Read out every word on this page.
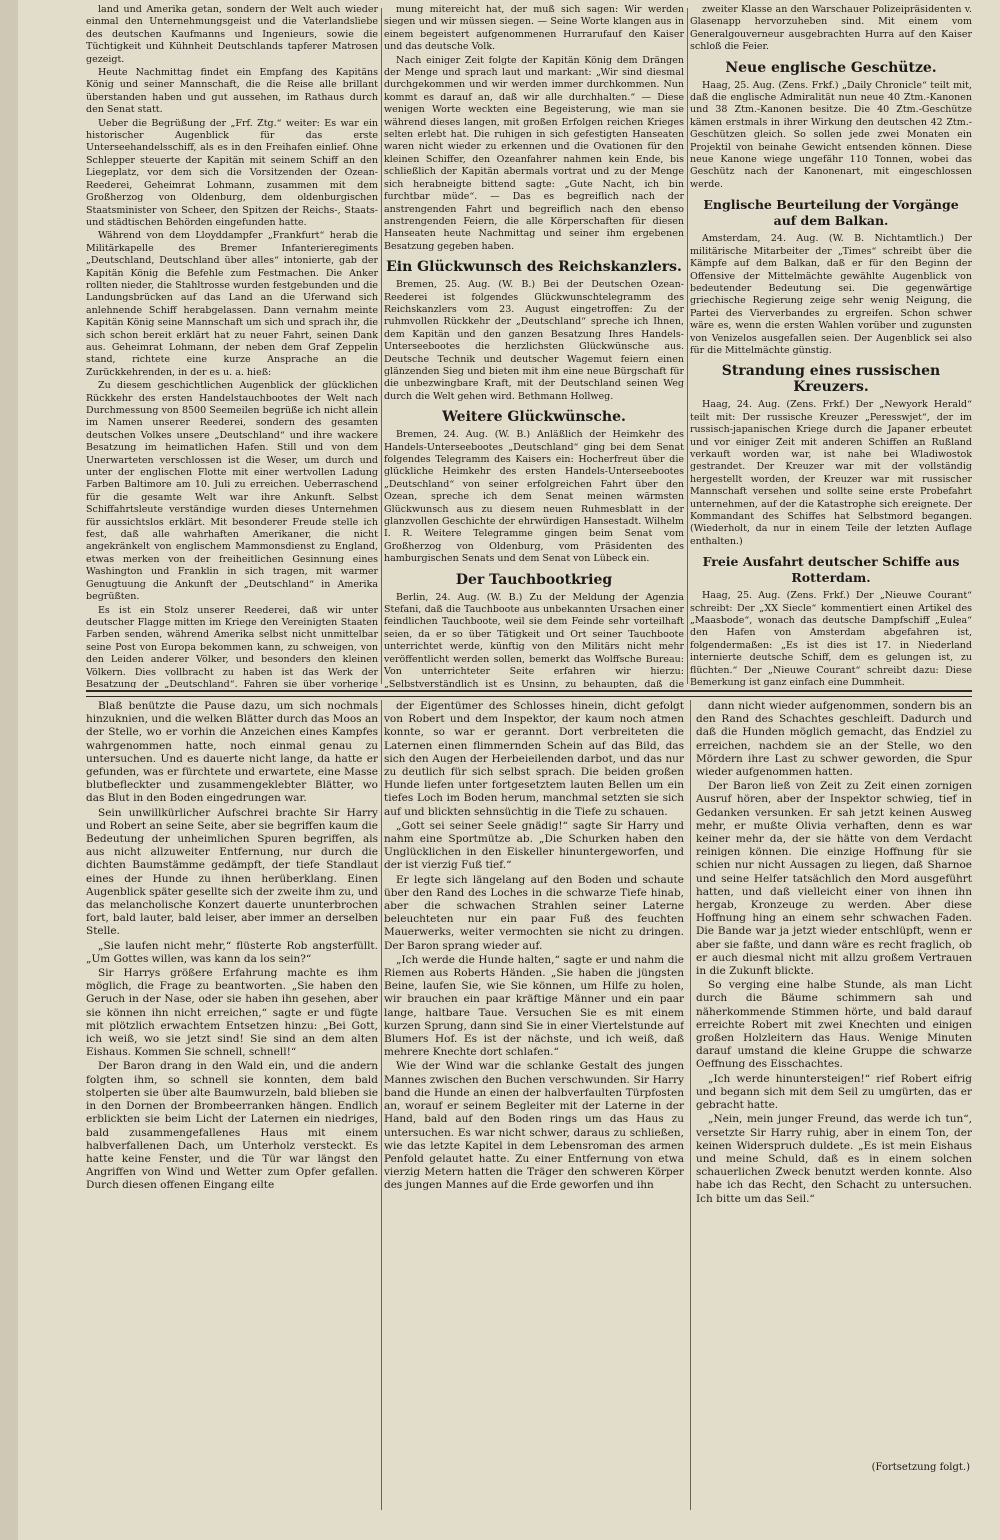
land und Amerika getan, sondern der Welt auch wieder einmal den Unternehmungsgeist und die Vaterlandsliebe des deutschen Kaufmanns und Ingenieurs, sowie die Tüchtigkeit und Kühnheit Deutschlands tapferer Matrosen gezeigt.

Heute Nachmittag findet ein Empfang des Kapitäns König und seiner Mannschaft, die die Reise alle brillant überstanden haben und gut aussehen, im Rathaus durch den Senat statt.

Ueber die Begrüßung der „Frf. Ztg.“ weiter: Es war ein historischer Augenblick für das erste Unterseehandelsschiff, als es in den Freihafen einlief. Ohne Schlepper steuerte der Kapitän mit seinem Schiff an den Liegeplatz, vor dem sich die Vorsitzenden der Ozean-Reederei, Geheimrat Lohmann, zusammen mit dem Großherzog von Oldenburg, dem oldenburgischen Staatsminister von Scheer, den Spitzen der Reichs-, Staats- und städtischen Behörden eingefunden hatte.

Während von dem Lloyddampfer „Frankfurt“ herab die Militärkapelle des Bremer Infanterieregiments „Deutschland, Deutschland über alles“ intonierte, gab der Kapitän König die Befehle zum Festmachen. Die Anker rollten nieder, die Stahltrosse wurden festgebunden und die Landungsbrücken auf das Land an die Uferwand sich anlehnende Schiff herabgelassen. Dann vernahm meinte Kapitän König seine Mannschaft um sich und sprach ihr, die sich schon bereit erklärt hat zu neuer Fahrt, seinen Dank aus. Geheimrat Lohmann, der neben dem Graf Zeppelin stand, richtete eine kurze Ansprache an die Zurückkehrenden, in der es u. a. hieß:

Zu diesem geschichtlichen Augenblick der glücklichen Rückkehr des ersten Handelstauchbootes der Welt nach Durchmessung von 8500 Seemeilen begrüße ich nicht allein im Namen unserer Reederei, sondern des gesamten deutschen Volkes unsere „Deutschland“ und ihre wackere Besatzung im heimatlichen Hafen. Still und von dem Unerwarteten verschlossen ist die Weser, um durch und unter der englischen Flotte mit einer wertvollen Ladung Farben Baltimore am 10. Juli zu erreichen. Ueberraschend für die gesamte Welt war ihre Ankunft. Selbst Schiffahrtsleute verständige wurden dieses Unternehmen für aussichtslos erklärt. Mit besonderer Freude stelle ich fest, daß alle wahrhaften Amerikaner, die nicht angekränkelt von englischem Mammonsdienst zu England, etwas merken von der freiheitlichen Gesinnung eines Washington und Franklin in sich tragen, mit warmer Genugtuung die Ankunft der „Deutschland“ in Amerika begrüßten.

Es ist ein Stolz unserer Reederei, daß wir unter deutscher Flagge mitten im Kriege den Vereinigten Staaten Farben senden, während Amerika selbst nicht unmittelbar seine Post von Europa bekommen kann, zu schweigen, von den Leiden anderer Völker, und besonders den kleinen Völkern. Dies vollbracht zu haben ist das Werk der Besatzung der „Deutschland“. Fahren sie über vorherige

mung mitereicht hat, der muß sich sagen: Wir werden siegen und wir müssen siegen. — Seine Worte klangen aus in einem begeistert aufgenommenen Hurrarufauf den Kaiser und das deutsche Volk.

Nach einiger Zeit folgte der Kapitän König dem Drängen der Menge und sprach laut und markant: „Wir sind diesmal durchgekommen und wir werden immer durchkommen. Nun kommt es darauf an, daß wir alle durchhalten.“ — Diese wenigen Worte weckten eine Begeisterung, wie man sie während dieses langen, mit großen Erfolgen reichen Krieges selten erlebt hat. Die ruhigen in sich gefestigten Hanseaten waren nicht wieder zu erkennen und die Ovationen für den kleinen Schiffer, den Ozeanfahrer nahmen kein Ende, bis schließlich der Kapitän abermals vortrat und zu der Menge sich herabneigte bittend sagte: „Gute Nacht, ich bin furchtbar müde“. — Das es begreiflich nach der anstrengenden Fahrt und begreiflich nach den ebenso anstrengenden Feiern, die alle Körperschaften für diesen Hanseaten heute Nachmittag und seiner ihm ergebenen Besatzung gegeben haben.

Ein Glückwunsch des Reichskanzlers.

Bremen, 25. Aug. (W. B.) Bei der Deutschen Ozean-Reederei ist folgendes Glückwunschtelegramm des Reichskanzlers vom 23. August eingetroffen: Zu der ruhmvollen Rückkehr der „Deutschland“ spreche ich Ihnen, dem Kapitän und den ganzen Besatzung Ihres Handels-Unterseebootes die herzlichsten Glückwünsche aus. Deutsche Technik und deutscher Wagemut feiern einen glänzenden Sieg und bieten mit ihm eine neue Bürgschaft für die unbezwingbare Kraft, mit der Deutschland seinen Weg durch die Welt gehen wird. Bethmann Hollweg.

Weitere Glückwünsche.

Bremen, 24. Aug. (W. B.) Anläßlich der Heimkehr des Handels-Unterseebootes „Deutschland“ ging bei dem Senat folgendes Telegramm des Kaisers ein: Hocherfreut über die glückliche Heimkehr des ersten Handels-Unterseebootes „Deutschland“ von seiner erfolgreichen Fahrt über den Ozean, spreche ich dem Senat meinen wärmsten Glückwunsch aus zu diesem neuen Ruhmesblatt in der glanzvollen Geschichte der ehrwürdigen Hansestadt. Wilhelm I. R. Weitere Telegramme gingen beim Senat vom Großherzog von Oldenburg, vom Präsidenten des hamburgischen Senats und dem Senat von Lübeck ein.

Der Tauchbootkrieg

Berlin, 24. Aug. (W. B.) Zu der Meldung der Agenzia Stefani, daß die Tauchboote aus unbekannten Ursachen einer feindlichen Tauchboote, weil sie dem Feinde sehr vorteilhaft seien, da er so über Tätigkeit und Ort seiner Tauchboote unterrichtet werde, künftig von den Militärs nicht mehr veröffentlicht werden sollen, bemerkt das Wolffsche Bureau: Von unterrichteter Seite erfahren wir hierzu: „Selbstverständlich ist es Unsinn, zu behaupten, daß die

zweiter Klasse an den Warschauer Polizeipräsidenten v. Glasenapp hervorzuheben sind. Mit einem vom Generalgouverneur ausgebrachten Hurra auf den Kaiser schloß die Feier.

Neue englische Geschütze.

Haag, 25. Aug. (Zens. Frkf.) „Daily Chronicle“ teilt mit, daß die englische Admiralität nun neue 40 Ztm.-Kanonen und 38 Ztm.-Kanonen besitze. Die 40 Ztm.-Geschütze kämen erstmals in ihrer Wirkung den deutschen 42 Ztm.-Geschützen gleich. So sollen jede zwei Monaten ein Projektil von beinahe Gewicht entsenden können. Diese neue Kanone wiege ungefähr 110 Tonnen, wobei das Geschütz nach der Kanonenart, mit eingeschlossen werde.

Englische Beurteilung der Vorgänge auf dem Balkan.

Amsterdam, 24. Aug. (W. B. Nichtamtlich.) Der militärische Mitarbeiter der „Times“ schreibt über die Kämpfe auf dem Balkan, daß er für den Beginn der Offensive der Mittelmächte gewählte Augenblick von bedeutender Bedeutung sei. Die gegenwärtige griechische Regierung zeige sehr wenig Neigung, die Partei des Vierverbandes zu ergreifen. Schon schwer wäre es, wenn die ersten Wahlen vorüber und zugunsten von Venizelos ausgefallen seien. Der Augenblick sei also für die Mittelmächte günstig.

Strandung eines russischen Kreuzers.

Haag, 24. Aug. (Zens. Frkf.) Der „Newyork Herald“ teilt mit: Der russische Kreuzer „Peresswjet“, der im russisch-japanischen Kriege durch die Japaner erbeutet und vor einiger Zeit mit anderen Schiffen an Rußland verkauft worden war, ist nahe bei Wladiwostok gestrandet. Der Kreuzer war mit der vollständig hergestellt worden, der Kreuzer war mit russischer Mannschaft versehen und sollte seine erste Probefahrt unternehmen, auf der die Katastrophe sich ereignete. Der Kommandant des Schiffes hat Selbstmord begangen. (Wiederholt, da nur in einem Teile der letzten Auflage enthalten.)

Freie Ausfahrt deutscher Schiffe aus Rotterdam.

Haag, 25. Aug. (Zens. Frkf.) Der „Nieuwe Courant“ schreibt: Der „XX Siecle“ kommentiert einen Artikel des „Maasbode“, wonach das deutsche Dampfschiff „Eulea“ den Hafen von Amsterdam abgefahren ist, folgendermaßen: „Es ist dies ist 17. in Niederland internierte deutsche Schiff, dem es gelungen ist, zu flüchten.“ Der „Nieuwe Courant“ schreibt dazu: Diese Bemerkung ist ganz einfach eine Dummheit.

Blaß benützte die Pause dazu, um sich nochmals hinzuknien, und die welken Blätter durch das Moos an der Stelle, wo er vorhin die Anzeichen eines Kampfes wahrgenommen hatte, noch einmal genau zu untersuchen. Und es dauerte nicht lange, da hatte er gefunden, was er fürchtete und erwartete, eine Masse blutbefleckter und zusammengeklebter Blätter, wo das Blut in den Boden eingedrungen war.

Sein unwillkürlicher Aufschrei brachte Sir Harry und Robert an seine Seite, aber sie begriffen kaum die Bedeutung der unheimlichen Spuren begriffen, als aus nicht allzuweiter Entfernung, nur durch die dichten Baumstämme gedämpft, der tiefe Standlaut eines der Hunde zu ihnen herüberklang. Einen Augenblick später gesellte sich der zweite ihm zu, und das melancholische Konzert dauerte ununterbrochen fort, bald lauter, bald leiser, aber immer an derselben Stelle.

„Sie laufen nicht mehr,“ flüsterte Rob angsterfüllt. „Um Gottes willen, was kann da los sein?“

Sir Harrys größere Erfahrung machte es ihm möglich, die Frage zu beantworten. „Sie haben den Geruch in der Nase, oder sie haben ihn gesehen, aber sie können ihn nicht erreichen,“ sagte er und fügte mit plötzlich erwachtem Entsetzen hinzu: „Bei Gott, ich weiß, wo sie jetzt sind! Sie sind an dem alten Eishaus. Kommen Sie schnell, schnell!“

Der Baron drang in den Wald ein, und die andern folgten ihm, so schnell sie konnten, dem bald stolperten sie über alte Baumwurzeln, bald blieben sie in den Dornen der Brombeerranken hängen. Endlich erblickten sie beim Licht der Laternen ein niedriges, bald zusammengefallenes Haus mit einem halbverfallenen Dach, um Unterholz versteckt. Es hatte keine Fenster, und die Tür war längst den Angriffen von Wind und Wetter zum Opfer gefallen. Durch diesen offenen Eingang eilte

der Eigentümer des Schlosses hinein, dicht gefolgt von Robert und dem Inspektor, der kaum noch atmen konnte, so war er gerannt. Dort verbreiteten die Laternen einen flimmernden Schein auf das Bild, das sich den Augen der Herbeieilenden darbot, und das nur zu deutlich für sich selbst sprach. Die beiden großen Hunde liefen unter fortgesetztem lauten Bellen um ein tiefes Loch im Boden herum, manchmal setzten sie sich auf und blickten sehnsüchtig in die Tiefe zu schauen.

„Gott sei seiner Seele gnädig!“ sagte Sir Harry und nahm eine Sportmütze ab. „Die Schurken haben den Unglücklichen in den Eiskeller hinuntergeworfen, und der ist vierzig Fuß tief.“

Er legte sich längelang auf den Boden und schaute über den Rand des Loches in die schwarze Tiefe hinab, aber die schwachen Strahlen seiner Laterne beleuchteten nur ein paar Fuß des feuchten Mauerwerks, weiter vermochten sie nicht zu dringen. Der Baron sprang wieder auf.

„Ich werde die Hunde halten,“ sagte er und nahm die Riemen aus Roberts Händen. „Sie haben die jüngsten Beine, laufen Sie, wie Sie können, um Hilfe zu holen, wir brauchen ein paar kräftige Männer und ein paar lange, haltbare Taue. Versuchen Sie es mit einem kurzen Sprung, dann sind Sie in einer Viertelstunde auf Blumers Hof. Es ist der nächste, und ich weiß, daß mehrere Knechte dort schlafen.“

Wie der Wind war die schlanke Gestalt des jungen Mannes zwischen den Buchen verschwunden. Sir Harry band die Hunde an einen der halbverfaulten Türpfosten an, worauf er seinem Begleiter mit der Laterne in der Hand, bald auf den Boden rings um das Haus zu untersuchen. Es war nicht schwer, daraus zu schließen, wie das letzte Kapitel in dem Lebensroman des armen Penfold gelautet hatte. Zu einer Entfernung von etwa vierzig Metern hatten die Träger den schweren Körper des jungen Mannes auf die Erde geworfen und ihn

dann nicht wieder aufgenommen, sondern bis an den Rand des Schachtes geschleift. Dadurch und daß die Hunden möglich gemacht, das Endziel zu erreichen, nachdem sie an der Stelle, wo den Mördern ihre Last zu schwer geworden, die Spur wieder aufgenommen hatten.

Der Baron ließ von Zeit zu Zeit einen zornigen Ausruf hören, aber der Inspektor schwieg, tief in Gedanken versunken. Er sah jetzt keinen Ausweg mehr, er mußte Olivia verhaften, denn es war keiner mehr da, der sie hätte von dem Verdacht reinigen können. Die einzige Hoffnung für sie schien nur nicht Aussagen zu liegen, daß Sharnoe und seine Helfer tatsächlich den Mord ausgeführt hatten, und daß vielleicht einer von ihnen ihn hergab, Kronzeuge zu werden. Aber diese Hoffnung hing an einem sehr schwachen Faden. Die Bande war ja jetzt wieder entschlüpft, wenn er aber sie faßte, und dann wäre es recht fraglich, ob er auch diesmal nicht mit allzu großem Vertrauen in die Zukunft blickte.

So verging eine halbe Stunde, als man Licht durch die Bäume schimmern sah und näherkommende Stimmen hörte, und bald darauf erreichte Robert mit zwei Knechten und einigen großen Holzleitern das Haus. Wenige Minuten darauf umstand die kleine Gruppe die schwarze Oeffnung des Eisschachtes.

„Ich werde hinuntersteigen!“ rief Robert eifrig und begann sich mit dem Seil zu umgürten, das er gebracht hatte.

„Nein, mein junger Freund, das werde ich tun“, versetzte Sir Harry ruhig, aber in einem Ton, der keinen Widerspruch duldete. „Es ist mein Eishaus und meine Schuld, daß es in einem solchen schauerlichen Zweck benutzt werden konnte. Also habe ich das Recht, den Schacht zu untersuchen. Ich bitte um das Seil.“

(Fortsetzung folgt.)
